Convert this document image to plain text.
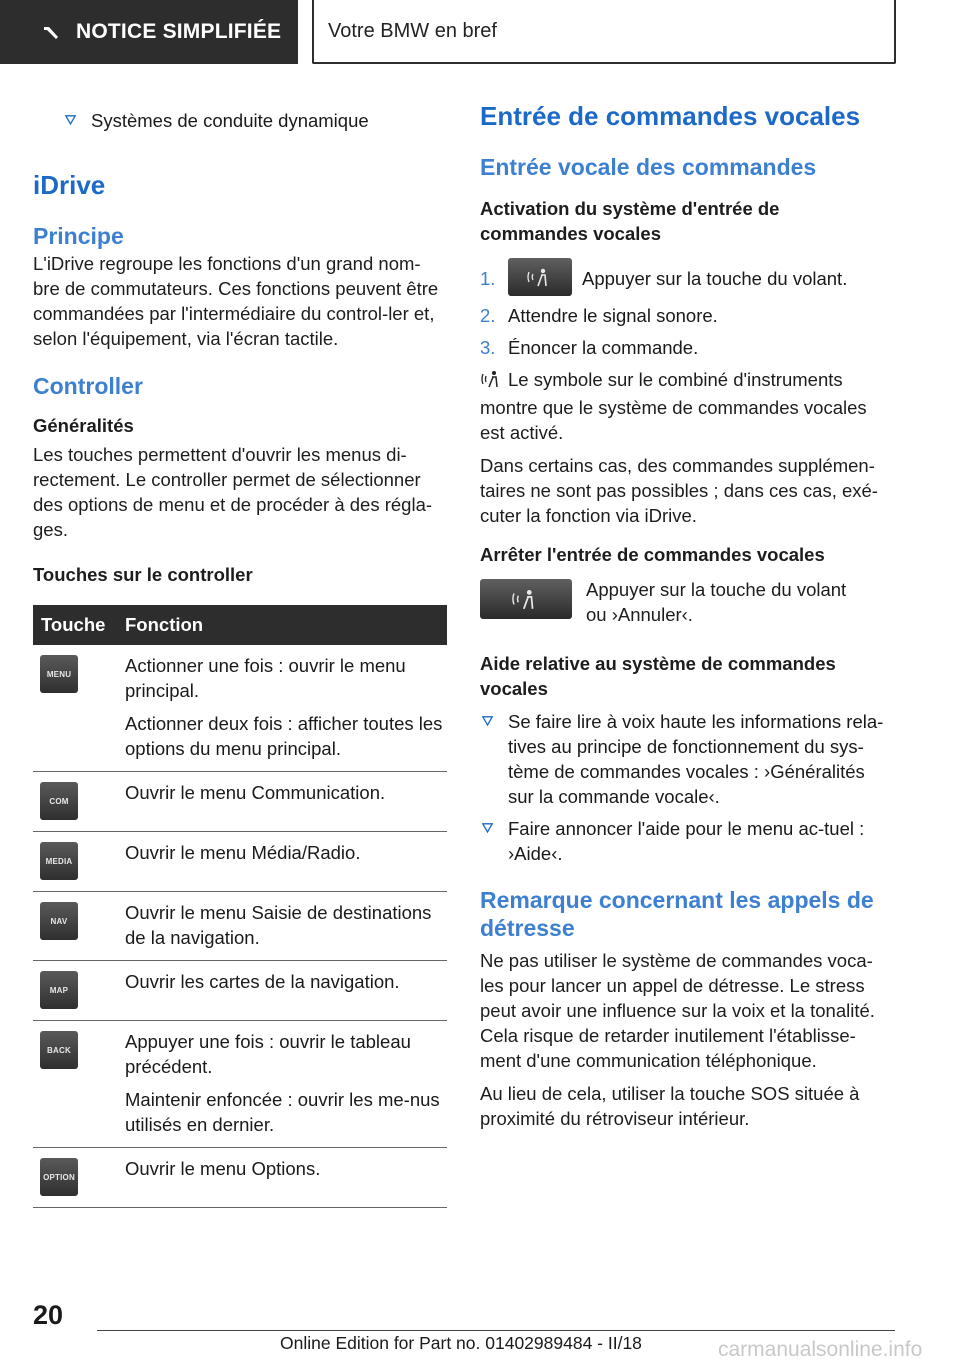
NOTICE SIMPLIFIÉE Votre BMW en bref
Systèmes de conduite dynamique
iDrive
Principe

L'iDrive regroupe les fonctions d'un grand nom-bre de commutateurs. Ces fonctions peuvent être commandées par l'intermédiaire du control-ler et, selon l'équipement, via l'écran tactile.

Controller
Généralités

Les touches permettent d'ouvrir les menus di-rectement. Le controller permet de sélectionner des options de menu et de procéder à des régla-ges.

Touches sur le controller
Touche	Fonction

MENU	Actionner une fois : ouvrir le menu principal.

Actionner deux fois : afficher toutes les options du menu principal.

COM	Ouvrir le menu Communication.

MEDIA	Ouvrir le menu Média/Radio.

NAV	Ouvrir le menu Saisie de destinations de la navigation.

MAP	Ouvrir les cartes de la navigation.

BACK	Appuyer une fois : ouvrir le tableau précédent.

Maintenir enfoncée : ouvrir les me-nus utilisés en dernier.

OPTION	Ouvrir le menu Options.

Entrée de commandes vocales
Entrée vocale des commandes
Activation du système d'entrée de commandes vocales
1.	Appuyer sur la touche du volant.
2. Attendre le signal sonore.
3. Énoncer la commande.

Le symbole sur le combiné d'instruments montre que le système de commandes vocales est activé.

Dans certains cas, des commandes supplémen-taires ne sont pas possibles ; dans ces cas, exé-cuter la fonction via iDrive.

Arrêter l'entrée de commandes vocales

Appuyer sur la touche du volant

ou ›Annuler‹.

Aide relative au système de commandes vocales
Se faire lire à voix haute les informations rela-tives au principe de fonctionnement du sys-tème de commandes vocales : ›Généralités sur la commande vocale‹.
Faire annoncer l'aide pour le menu ac-tuel : ›Aide‹.
Remarque concernant les appels de détresse

Ne pas utiliser le système de commandes voca-les pour lancer un appel de détresse. Le stress peut avoir une influence sur la voix et la tonalité. Cela risque de retarder inutilement l'établisse-ment d'une communication téléphonique.

Au lieu de cela, utiliser la touche SOS située à proximité du rétroviseur intérieur.

20
Online Edition for Part no. 01402989484 - II/18	carmanualsonline.info
